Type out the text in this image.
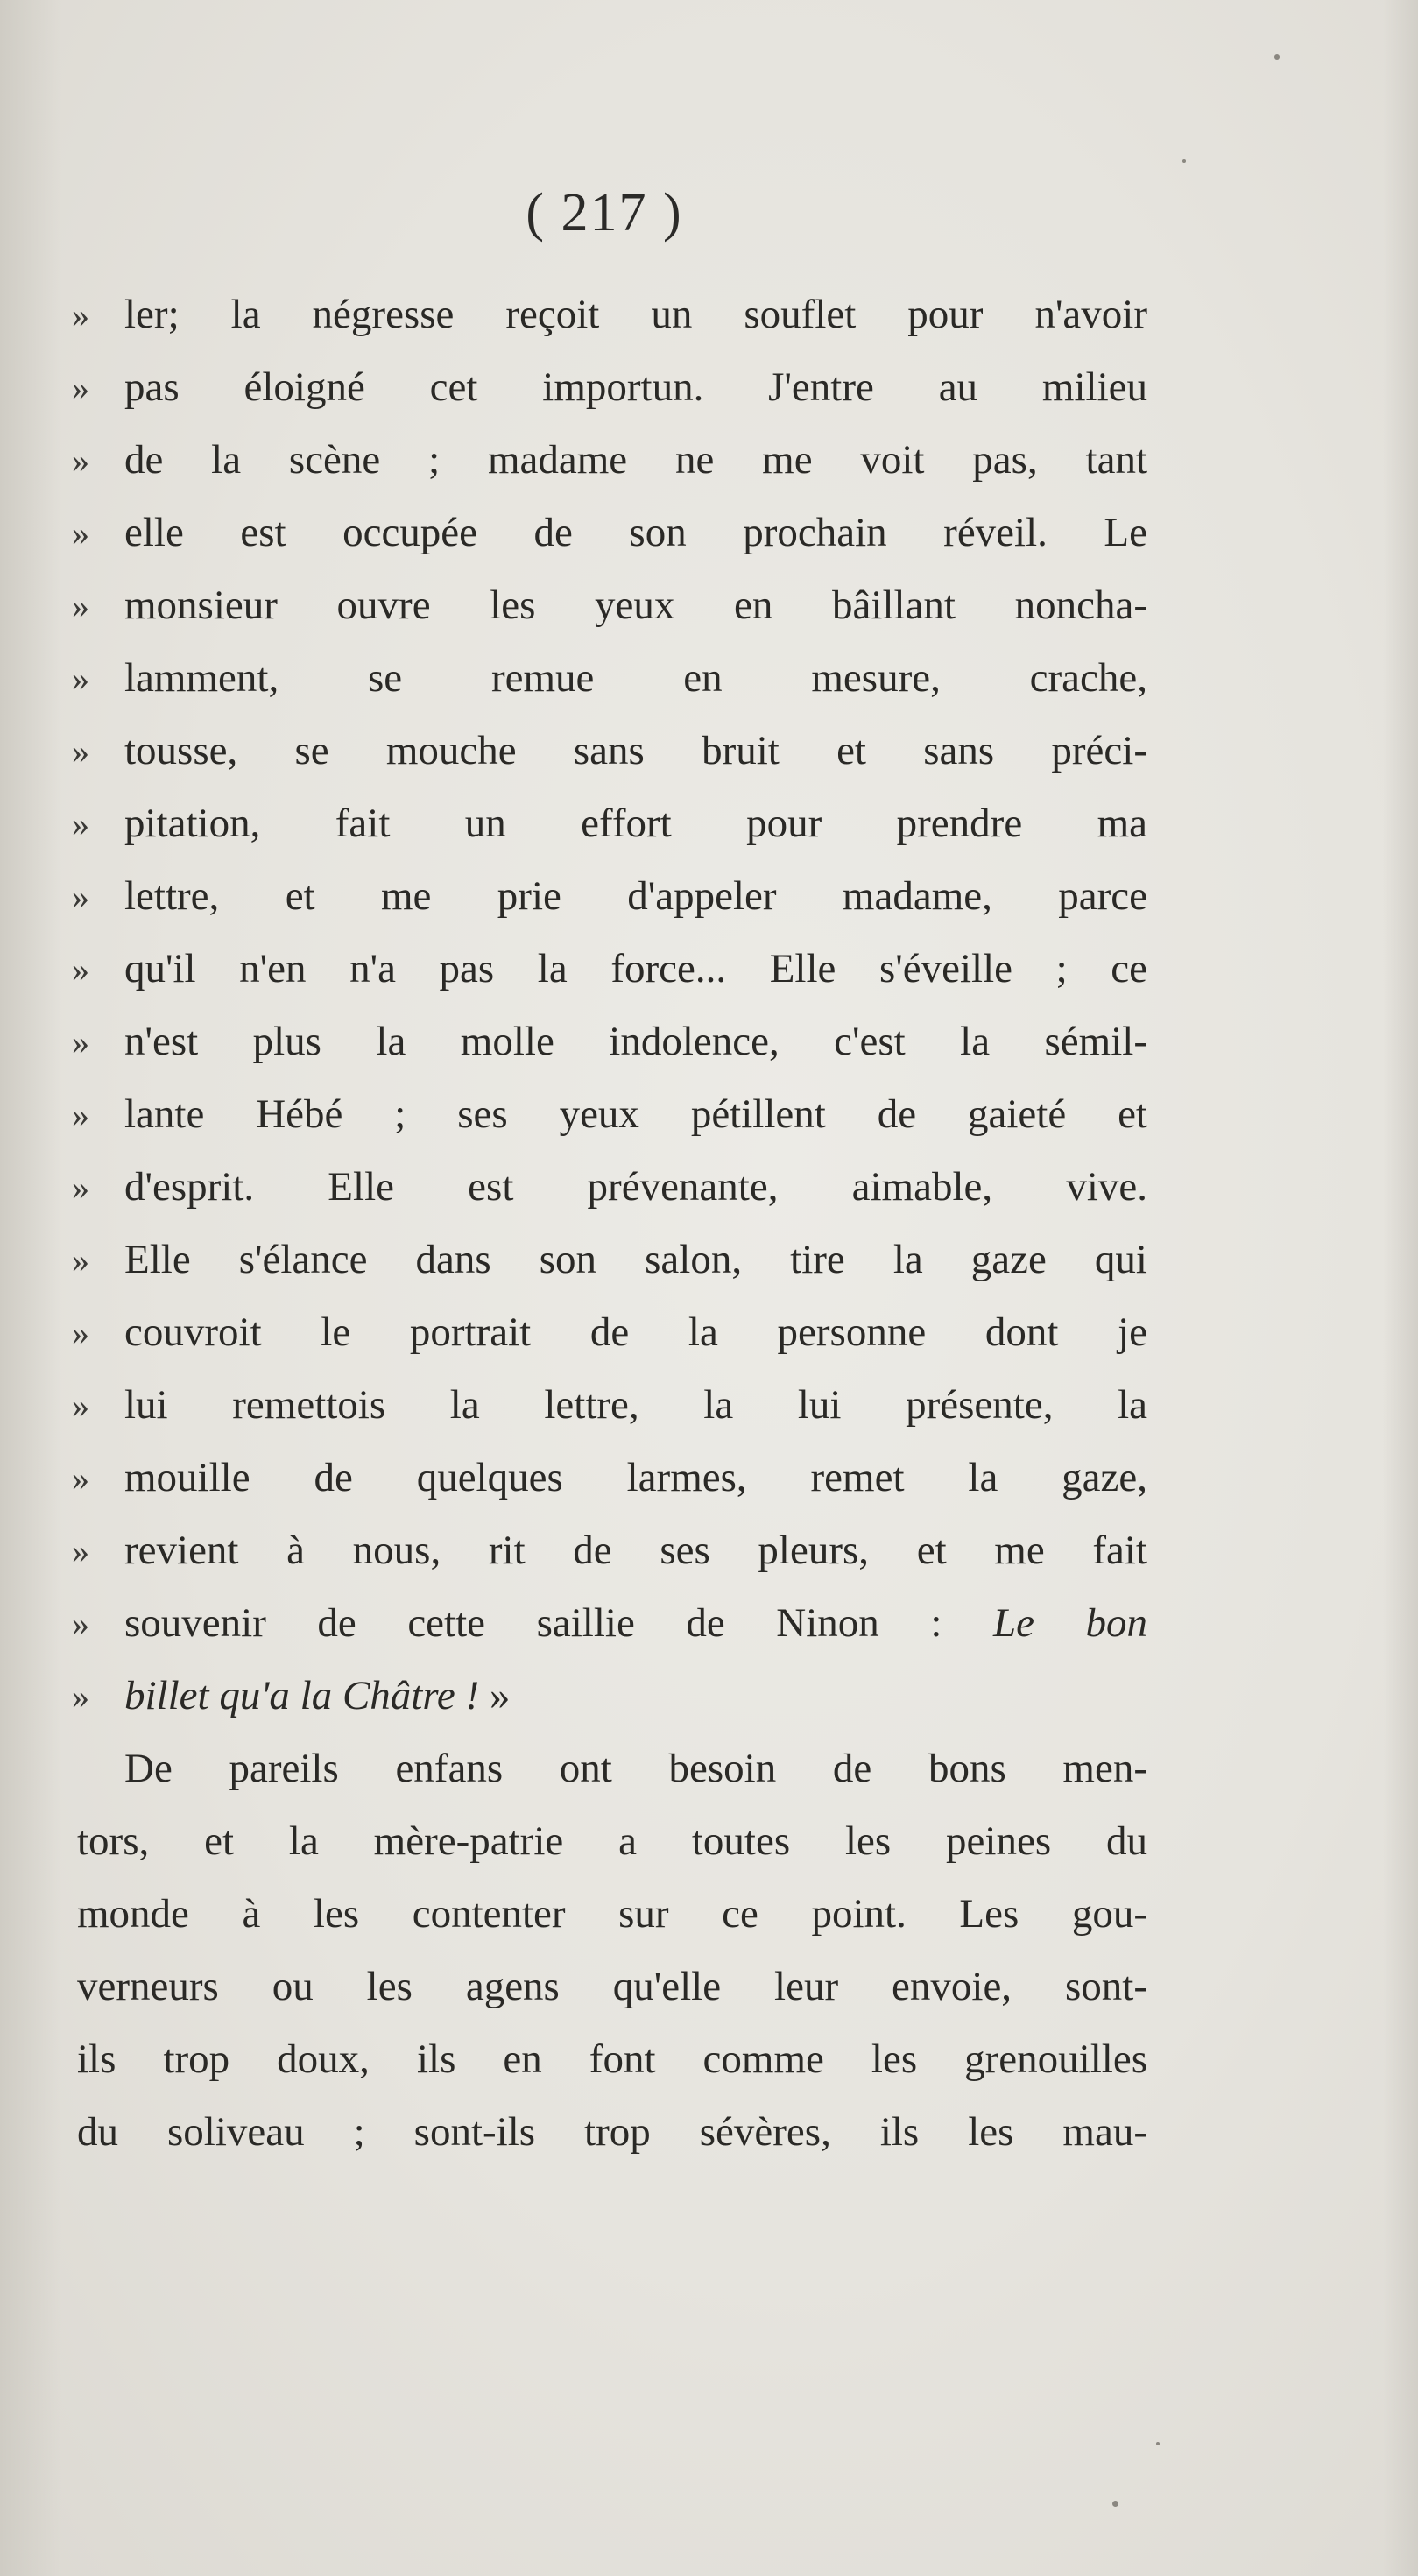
( 217 )
» ler; la négresse reçoit un souflet pour n'avoir
» pas éloigné cet importun. J'entre au milieu
» de la scène ; madame ne me voit pas, tant
» elle est occupée de son prochain réveil. Le
» monsieur ouvre les yeux en bâillant noncha-
» lamment, se remue en mesure, crache,
» tousse, se mouche sans bruit et sans préci-
» pitation, fait un effort pour prendre ma
» lettre, et me prie d'appeler madame, parce
» qu'il n'en n'a pas la force... Elle s'éveille ; ce
» n'est plus la molle indolence, c'est la sémil-
» lante Hébé ; ses yeux pétillent de gaieté et
» d'esprit. Elle est prévenante, aimable, vive.
» Elle s'élance dans son salon, tire la gaze qui
» couvroit le portrait de la personne dont je
» lui remettois la lettre, la lui présente, la
» mouille de quelques larmes, remet la gaze,
» revient à nous, rit de ses pleurs, et me fait
» souvenir de cette saillie de Ninon : Le bon
» billet qu'a la Châtre ! »
De pareils enfans ont besoin de bons men-
tors, et la mère-patrie a toutes les peines du
monde à les contenter sur ce point. Les gou-
verneurs ou les agens qu'elle leur envoie, sont-
ils trop doux, ils en font comme les grenouilles
du soliveau ; sont-ils trop sévères, ils les mau-
